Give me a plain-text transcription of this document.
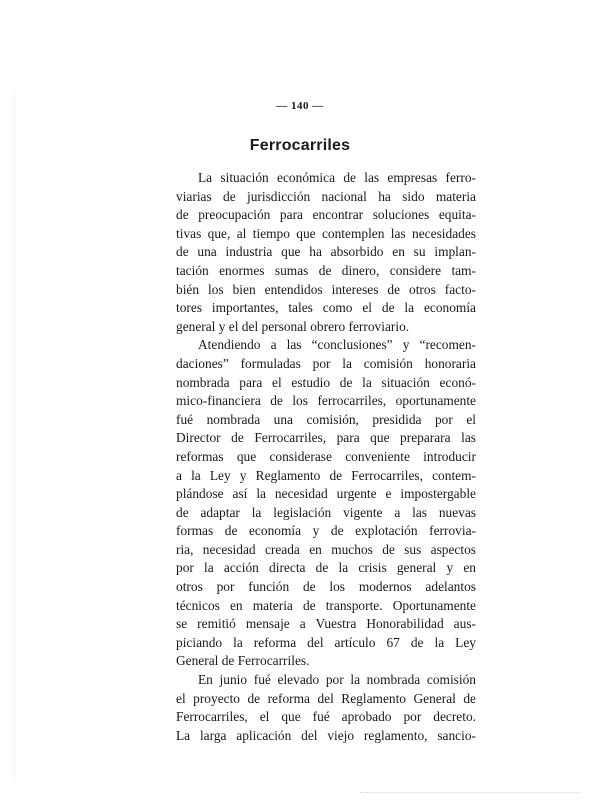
— 140 —
Ferrocarriles
La situación económica de las empresas ferro-
viarias de jurisdicción nacional ha sido materia
de preocupación para encontrar soluciones equita-
tivas que, al tiempo que contemplen las necesidades
de una industria que ha absorbido en su implan-
tación enormes sumas de dinero, considere tam-
bién los bien entendidos intereses de otros facto-
tores importantes, tales como el de la economía
general y el del personal obrero ferroviario.
Atendiendo a las “conclusiones” y “recomen-
daciones” formuladas por la comisión honoraria
nombrada para el estudio de la situación econó-
mico-financiera de los ferrocarriles, oportunamente
fué nombrada una comisión, presidida por el
Director de Ferrocarriles, para que preparara las
reformas que considerase conveniente introducir
a la Ley y Reglamento de Ferrocarriles, contem-
plándose así la necesidad urgente e impostergable
de adaptar la legislación vigente a las nuevas
formas de economía y de explotación ferrovia-
ria, necesidad creada en muchos de sus aspectos
por la acción directa de la crisis general y en
otros por función de los modernos adelantos
técnicos en materia de transporte. Oportunamente
se remitió mensaje a Vuestra Honorabilidad aus-
piciando la reforma del artículo 67 de la Ley
General de Ferrocarriles.
En junio fué elevado por la nombrada comisión
el proyecto de reforma del Reglamento General de
Ferrocarriles, el que fué aprobado por decreto.
La larga aplicación del viejo reglamento, sancio-
